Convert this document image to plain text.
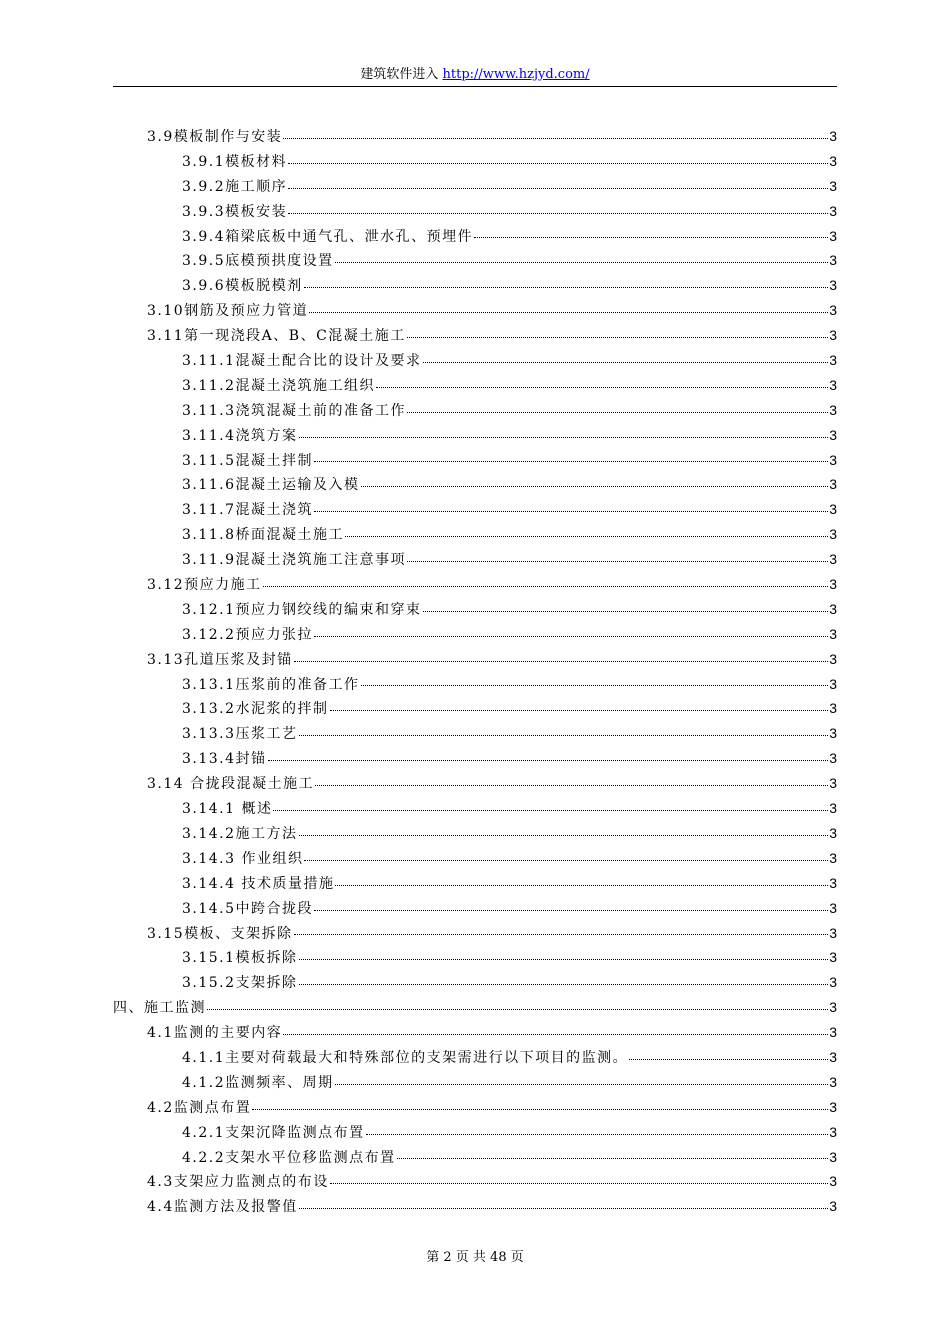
建筑软件进入 http://www.hzjyd.com/
3.9模板制作与安装	3
3.9.1模板材料	3
3.9.2施工顺序	3
3.9.3模板安装	3
3.9.4箱梁底板中通气孔、泄水孔、预埋件	3
3.9.5底模预拱度设置	3
3.9.6模板脱模剂	3
3.10钢筋及预应力管道	3
3.11第一现浇段A、B、C混凝土施工	3
3.11.1混凝土配合比的设计及要求	3
3.11.2混凝土浇筑施工组织	3
3.11.3浇筑混凝土前的准备工作	3
3.11.4浇筑方案	3
3.11.5混凝土拌制	3
3.11.6混凝土运输及入模	3
3.11.7混凝土浇筑	3
3.11.8桥面混凝土施工	3
3.11.9混凝土浇筑施工注意事项	3
3.12预应力施工	3
3.12.1预应力钢绞线的编束和穿束	3
3.12.2预应力张拉	3
3.13孔道压浆及封锚	3
3.13.1压浆前的准备工作	3
3.13.2水泥浆的拌制	3
3.13.3压浆工艺	3
3.13.4封锚	3
3.14 合拢段混凝土施工	3
3.14.1 概述	3
3.14.2施工方法	3
3.14.3 作业组织	3
3.14.4 技术质量措施	3
3.14.5中跨合拢段	3
3.15模板、支架拆除	3
3.15.1模板拆除	3
3.15.2支架拆除	3
四、施工监测	3
4.1监测的主要内容	3
4.1.1主要对荷载最大和特殊部位的支架需进行以下项目的监测。	3
4.1.2监测频率、周期	3
4.2监测点布置	3
4.2.1支架沉降监测点布置	3
4.2.2支架水平位移监测点布置	3
4.3支架应力监测点的布设	3
4.4监测方法及报警值	3
第 2 页 共 48 页
